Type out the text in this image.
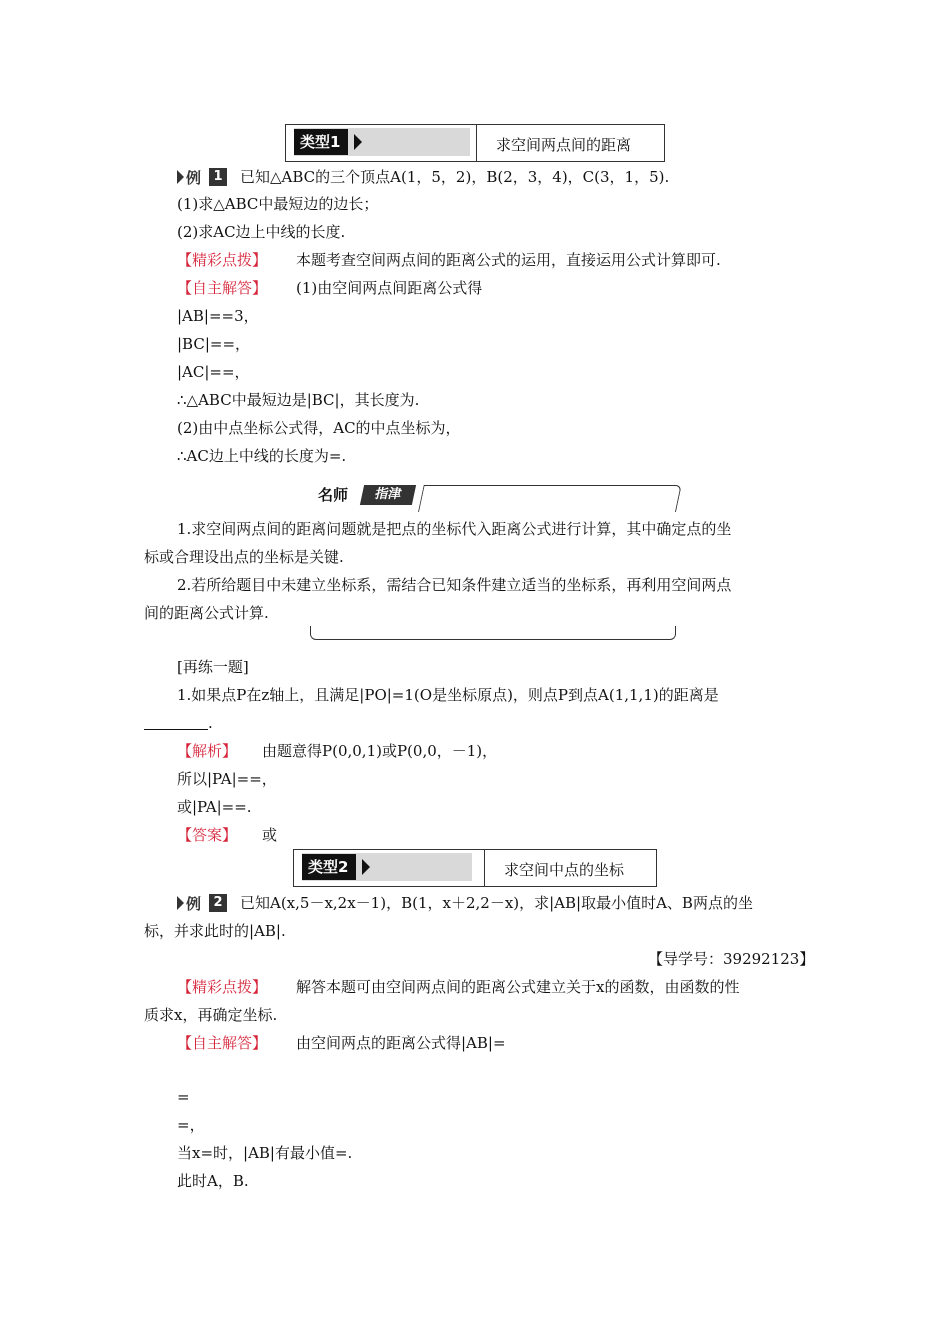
类型1	求空间两点间的距离
例 1 已知△ABC的三个顶点A(1，5，2)，B(2，3，4)，C(3，1，5).
(1)求△ABC中最短边的边长；
(2)求AC边上中线的长度.
【精彩点拨】 本题考查空间两点间的距离公式的运用，直接运用公式计算即可.
【自主解答】 (1)由空间两点间距离公式得
|AB|==3，
|BC|==，
|AC|==，
∴△ABC中最短边是|BC|，其长度为.
(2)由中点坐标公式得，AC的中点坐标为，
∴AC边上中线的长度为=.
名师	指津
1.求空间两点间的距离问题就是把点的坐标代入距离公式进行计算，其中确定点的坐
标或合理设出点的坐标是关键.
2.若所给题目中未建立坐标系，需结合已知条件建立适当的坐标系，再利用空间两点
间的距离公式计算.
[再练一题]
1.如果点P在z轴上，且满足|PO|=1(O是坐标原点)，则点P到点A(1,1,1)的距离是
.
【解析】 由题意得P(0,0,1)或P(0,0，－1)，
所以|PA|==，
或|PA|==.
【答案】 或
类型2	求空间中点的坐标
例 2 已知A(x,5－x,2x－1)，B(1，x＋2,2－x)，求|AB|取最小值时A、B两点的坐
标，并求此时的|AB|.
【导学号：39292123】
【精彩点拨】 解答本题可由空间两点间的距离公式建立关于x的函数，由函数的性
质求x，再确定坐标.
【自主解答】 由空间两点的距离公式得|AB|=
=
=，
当x=时，|AB|有最小值=.
此时A，B.
